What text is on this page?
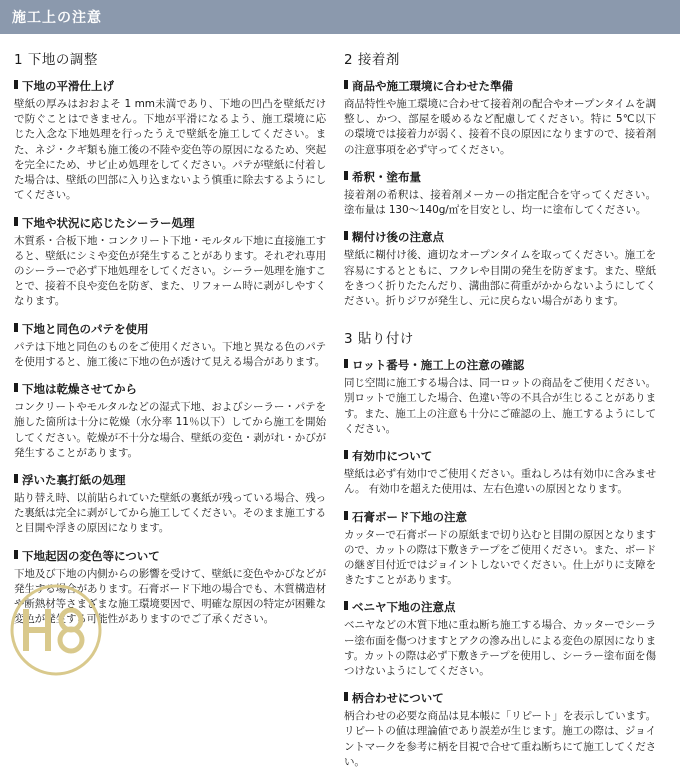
施工上の注意
1 下地の調整
下地の平滑仕上げ

壁紙の厚みはおおよそ 1 mm未満であり、下地の凹凸を壁紙だけで防ぐことはできません。下地が平滑になるよう、施工環境に応じた入念な下地処理を行ったうえで壁紙を施工してください。また、ネジ・クギ類も施工後の不陸や変色等の原因になるため、突起を完全にため、サビ止め処理をしてください。パテが壁紙に付着した場合は、壁紙の凹部に入り込まないよう慎重に除去するようにしてください。

下地や状況に応じたシーラー処理

木質系・合板下地・コンクリート下地・モルタル下地に直接施工すると、壁紙にシミや変色が発生することがあります。それぞれ専用のシーラーで必ず下地処理をしてください。シーラー処理を施すことで、接着不良や変色を防ぎ、また、リフォーム時に剥がしやすくなります。

下地と同色のパテを使用

パテは下地と同色のものをご使用ください。下地と異なる色のパテを使用すると、施工後に下地の色が透けて見える場合があります。

下地は乾燥させてから

コンクリートやモルタルなどの湿式下地、およびシーラー・パテを施した箇所は十分に乾燥（水分率 11％以下）してから施工を開始してください。乾燥が不十分な場合、壁紙の変色・剥がれ・かびが発生することがあります。

浮いた裏打紙の処理

貼り替え時、以前貼られていた壁紙の裏紙が残っている場合、残った裏紙は完全に剥がしてから施工してください。そのまま施工すると目開や浮きの原因になります。

下地起因の変色等について

下地及び下地の内側からの影響を受けて、壁紙に変色やかびなどが発生する場合があります。石膏ボード下地の場合でも、木質構造材や断熱材等さまざまな施工環境要因で、明確な原因の特定が困難な変色が発生する可能性がありますのでご了承ください。

2 接着剤
商品や施工環境に合わせた準備

商品特性や施工環境に合わせて接着剤の配合やオープンタイムを調整し、かつ、部屋を暖めるなど配慮してください。特に 5℃以下の環境では接着力が弱く、接着不良の原因になりますので、接着剤の注意事項を必ず守ってください。

希釈・塗布量

接着剤の希釈は、接着剤メーカーの指定配合を守ってください。 塗布量は 130〜140g/㎡を目安とし、均一に塗布してください。

糊付け後の注意点

壁紙に糊付け後、適切なオープンタイムを取ってください。施工を容易にするとともに、フクレや目開の発生を防ぎます。また、壁紙をきつく折りたたんだり、溝曲部に荷重がかからないようにしてください。折りジワが発生し、元に戻らない場合があります。

3 貼り付け
ロット番号・施工上の注意の確認

同じ空間に施工する場合は、同一ロットの商品をご使用ください。別ロットで施工した場合、色違い等の不具合が生じることがあります。また、施工上の注意も十分にご確認の上、施工するようにしてください。

有効巾について

壁紙は必ず有効巾でご使用ください。重ねしろは有効巾に含みません。 有効巾を超えた使用は、左右色違いの原因となります。

石膏ボード下地の注意

カッターで石膏ボードの原紙まで切り込むと目開の原因となりますので、カットの際は下敷きテープをご使用ください。また、ボードの継ぎ目付近ではジョイントしないでください。仕上がりに支障をきたすことがあります。

ベニヤ下地の注意点

ベニヤなどの木質下地に重ね断ち施工する場合、カッターでシーラー塗布面を傷つけますとアクの滲み出しによる変色の原因になります。カットの際は必ず下敷きテープを使用し、シーラー塗布面を傷つけないようにしてください。

柄合わせについて

柄合わせの必要な商品は見本帳に「リピート」を表示しています。 リピートの値は理論値であり誤差が生じます。施工の際は、ジョイントマークを参考に柄を目視で合せて重ね断ちにて施工してください。
